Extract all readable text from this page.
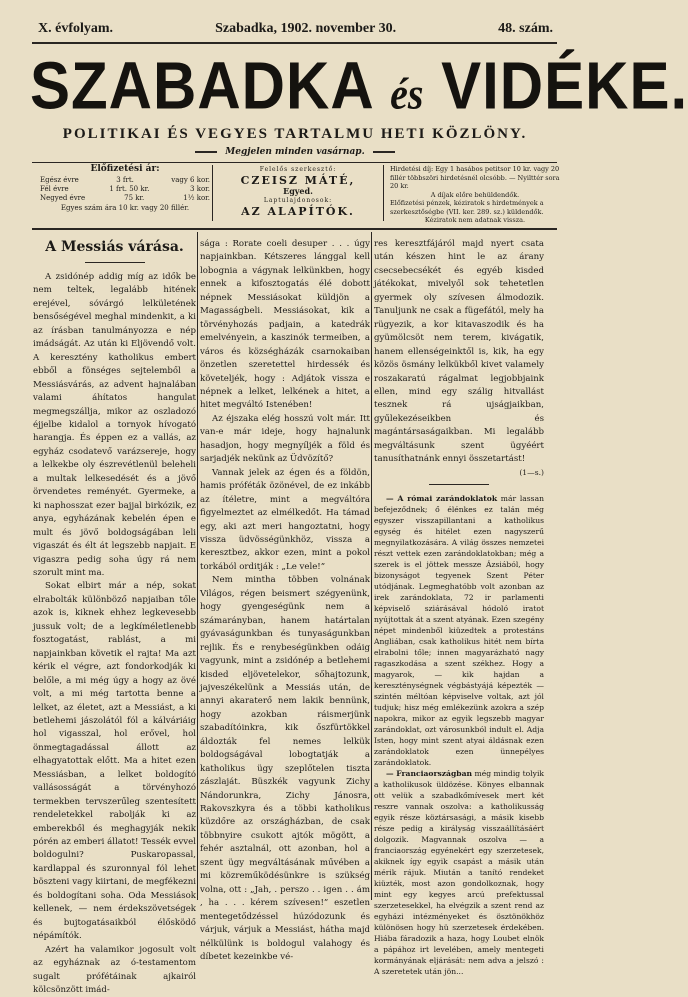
X. évfolyam.	Szabadka, 1902. november 30.	48. szám.
SZABADKA és VIDÉKE.
POLITIKAI ÉS VEGYES TARTALMU HETI KÖZLÖNY.
Megjelen minden vasárnap.
Előfizetési ár:
Egész évre	3 frt.	vagy 6 kor.
Fél évre	1 frt. 50 kr.	3 kor.
Negyed évre	75 kr.	1½ kor.
Egyes szám ára 10 kr. vagy 20 fillér.
Felelős szerkesztő:
CZEISZ MÁTÉ,
Egyed.
Laptulajdonosok:
AZ ALAPÍTÓK.
Hirdetési díj: Egy 1 hasábos petitsor 10 kr. vagy 20 fillér többszöri hirdetésnél olcsóbb. — Nyilttér sora 20 kr.
A díjak előre behüldendők.
Előfizetési pénzek, kéziratok s hirdetmények a szerkesztőségbe (VII. ker. 289. sz.) küldendők.
Kéziratok nem adatnak vissza.

A Messiás várása.

A zsidónép addig míg az idők be nem teltek, legalább hitének erejével, sóvárgó lelkületének bensőségével meghal mindenkit, a ki az írásban tanulmányozza e nép imádságát. Az után ki Eljövendő volt. A keresztény katholikus embert ebből a fönséges sejtelemből a Messiásvárás, az advent hajnalában valami áhítatos hangulat megmegszállja, mikor az oszladozó éjjelbe kidalol a tornyok hívogató harangja. És éppen ez a vallás, az egyház csodatevő varázsereje, hogy a lelkekbe oly észrevétlenül beleheli a multak lelkesedését és a jövő örvendetes reményét. Gyermeke, a ki naphosszat ezer bajjal birkózik, ez anya, egyházának kebelén épen e mult és jövő boldogságában leli vigaszát és élt át legszebb napjait. E vigaszra pedig soha úgy rá nem szorult mint ma.

Sokat elbirt már a nép, sokat elrabolták különböző napjaiban tőle azok is, kiknek ehhez legkevesebb jussuk volt; de a legkíméletlenebb fosztogatást, rablást, a mi napjainkban követik el rajta! Ma azt kérik el végre, azt fondorkodják ki belőle, a mi még úgy a hogy az övé volt, a mi még tartotta benne a lelket, az életet, azt a Messiást, a ki betlehemi jászolától fól a kálváriáig hol vigasszal, hol erővel, hol önmegtagadással állott az elhagyatottak előtt. Ma a hitet ezen Messiásban, a lelket boldogító vallásosságát a törvényhozó termekben tervszerűleg szentesített rendeletekkel rabolják ki az emberekből és meghagyják nekik pórén az emberi állatot! Tessék evvel boldogulni? Puskaropassal, kardlappal és szuronnyal fól lehet böszteni vagy kiirtani, de megfékezni és boldogítani soha. Oda Messiások kellenek, — nem érdekszövetségek és bujtogatásaikból élősködő népámítók.

Azért ha valamikor jogosult volt az egyháznak az ó-testamentom sugalt prófétáinak ajkairól kölcsönzött imád-

sága : Rorate coeli desuper . . . úgy napjainkban. Kétszeres lánggal kell lobognia a vágynak lelkünkben, hogy ennek a kifosztogatás élé dobott népnek Messiásokat küldjön a Magasságbeli. Messiásokat, kik a törvényhozás padjain, a katedrák emelvényein, a kaszinók termeiben, a város és községházák csarnokaiban önzetlen szeretettel hirdessék és követeljék, hogy : Adjátok vissza e népnek a lelket, lelkének a hitet, a hitet megváltó Istenében!

Az éjszaka elég hosszú volt már. Itt van-e már ideje, hogy hajnalunk hasadjon, hogy megnyíljék a föld és sarjadjék nekünk az Üdvözítő?

Vannak jelek az égen és a földön, hamis próféták özönével, de ez inkább az ítéletre, mint a megváltóra figyelmeztet az elmélkedőt. Ha támad egy, aki azt meri hangoztatni, hogy vissza üdvösségünkhöz, vissza a keresztbez, akkor ezen, mint a pokol torkából orditják : „Le vele!”

Nem mintha többen volnának Világos, régen beismert szégyenünk, hogy gyengeségünk nem a számarányban, hanem határtalan gyávaságunkban és tunyaságunkban rejlik. És e renybeségünkben odáig vagyunk, mint a zsidónép a betlehemi kisded eljövetelekor, sőhajtozunk, jajveszékelünk a Messiás után, de annyi akaraterő nem lakik bennünk, hogy azokban ráismerjünk szabadítóinkra, kik őszfürtökkel áldozták fel nemes lelkük boldogságával lobogtatják a katholikus ügy szeplőtelen tiszta zászlaját. Büszkék vagyunk Zichy Nándorunkra, Zichy Jánosra, Rakovszkyra és a többi katholikus küzdőre az országházban, de csak többnyire csukott ajtók mögött, a fehér asztalnál, ott azonban, hol a szent ügy megváltásának művében a mi közreműködésünkre is szükség volna, ott : „Jah, . perszo . . igen . . ám , ha . . . kérem szívesen!” eszetlen mentegetődzéssel húzódozunk és várjuk, várjuk a Messiást, hátha majd nélkülünk is boldogul valahogy és díbetet kezeinkbe vé-

res keresztfájáról majd nyert csata után készen hint le az árany csecsebecsékét és egyéb kisded játékokat, mivelyől sok tehetetlen gyermek oly szívesen álmodozik. Tanuljunk ne csak a fügefától, mely ha rügyezik, a kor kitavaszodik és ha gyümölcsöt nem terem, kivágatik, hanem ellenségeinktől is, kik, ha egy közös ösmány lelkükből kivet valamely roszakaratú rágalmat legjobbjaink ellen, mind egy szálig hitvallást tesznek rá ujságjaikban, gyűlekezéseikben és magántársaságaikban. Mi legalább megváltásunk szent ügyéért tanusíthatnánk ennyi összetartást!

(1—s.)

— A római zarándoklatok már lassan befejeződnek; ő élénkes ez talán még egyszer visszapillantani a katholikus egység és hitélet ezen nagyszerű megnyilatkozására. A világ összes nemzetei részt vettek ezen zarándoklatokban; még a szerek is el jöttek messze Ázsiából, hogy bizonyságot tegyenek Szent Péter utódjának. Legmeghatóbb volt azonban az irek zarándoklata, 72 ir parlamenti képviselő sziárásával hódoló iratot nyújtottak át a szent atyának. Ezen szegény népet mindenből kiüzedtek a protestáns Angliában, csak katholikus hitét nem bírta elrabolni tőle; innen magyarázható nagy ragaszkodása a szent székhez. Hogy a magyarok, — kik hajdan a kereszténységnek végbástyájá képezték — szintén méltóan képviselve voltak, azt jól tudjuk; hisz még emlékezünk azokra a szép napokra, mikor az egyik legszebb magyar zarándoklat, ozt városunkból indult el. Adja Isten, hogy mint szent atyai áldásnak ezen zarándoklatok ezen ünnepélyes zarándoklatok.

— Franciaországban még mindig tolyik a katholikusok üldözése. Könyes elbannak ott velük a szabadkőmívesek mert két reszre vannak oszolva: a katholikusság egyik része köztársasági, a másik kisebb része pedig a királyság visszaállításáért dolgozik. Magvannak oszolva — a franciaország egyénekért egy szerzetesek, akiknek így egyik csapást a másik után mérik rájuk. Miután a tanító rendeket kiüzték, most azon gondolkoznak, hogy mint egy kegyes arcú prefektussal szerzetesekkel, ha elvégzik a szent rend az egyházi intézményeket és ösztönökhöz különösen hogy hü szerzetesek érdekében. Hiába fáradozik a haza, hogy Loubet elnök a pápához irt levelében, amely mentegeti kormányának eljárását: nem adva a jelszó : A szeretetek után jön...
